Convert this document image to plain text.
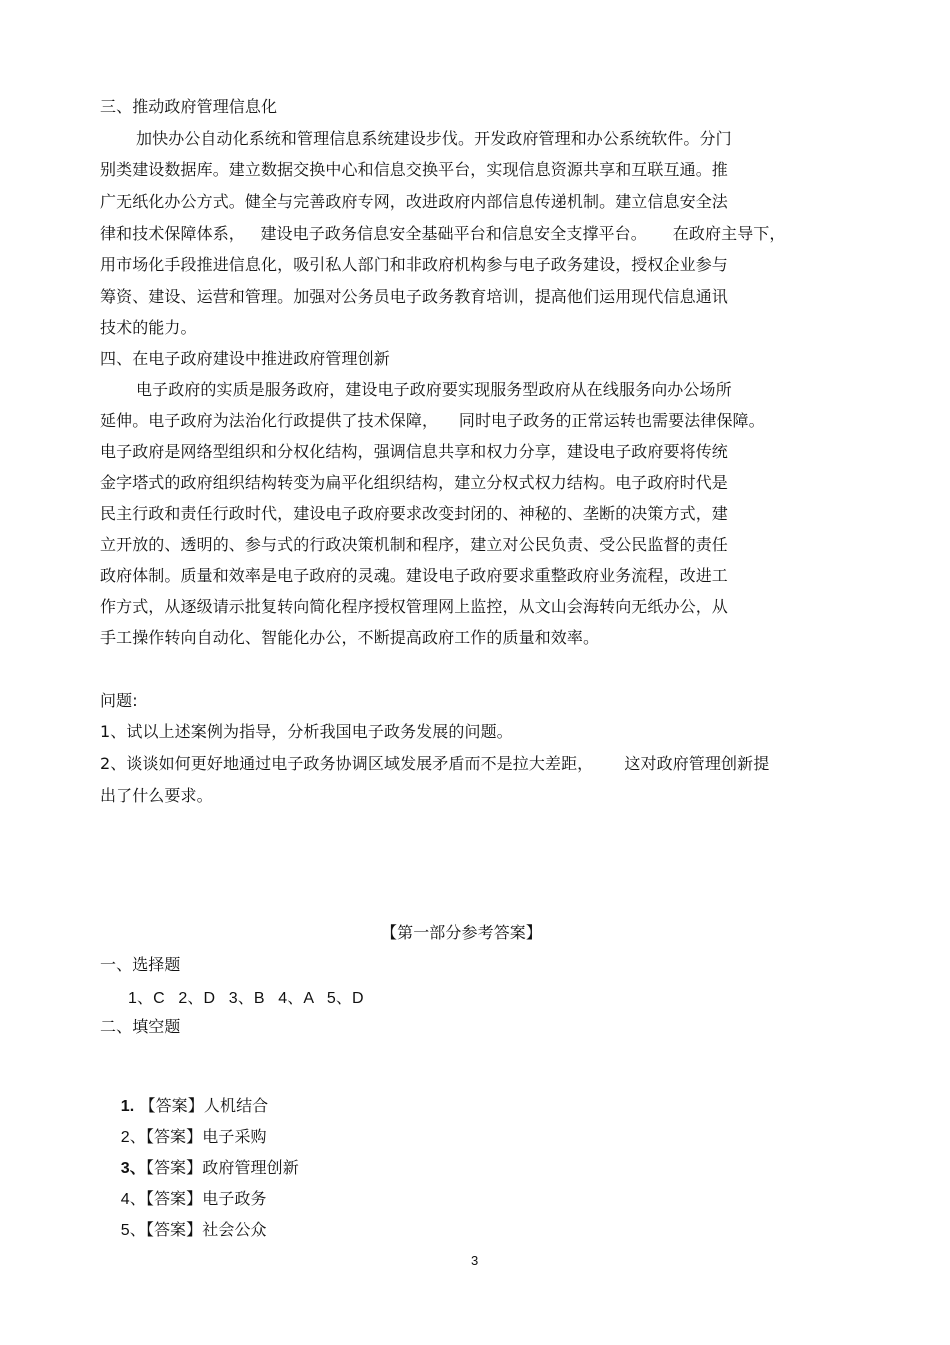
三、推动政府管理信息化
加快办公自动化系统和管理信息系统建设步伐。开发政府管理和办公系统软件。分门
别类建设数据库。建立数据交换中心和信息交换平台，实现信息资源共享和互联互通。推
广无纸化办公方式。健全与完善政府专网，改进政府内部信息传递机制。建立信息安全法
律和技术保障体系，   建设电子政务信息安全基础平台和信息安全支撑平台。     在政府主导下，
用市场化手段推进信息化，吸引私人部门和非政府机构参与电子政务建设，授权企业参与
筹资、建设、运营和管理。加强对公务员电子政务教育培训，提高他们运用现代信息通讯
技术的能力。
四、在电子政府建设中推进政府管理创新
电子政府的实质是服务政府，建设电子政府要实现服务型政府从在线服务向办公场所
延伸。电子政府为法治化行政提供了技术保障，    同时电子政务的正常运转也需要法律保障。
电子政府是网络型组织和分权化结构，强调信息共享和权力分享，建设电子政府要将传统
金字塔式的政府组织结构转变为扁平化组织结构，建立分权式权力结构。电子政府时代是
民主行政和责任行政时代，建设电子政府要求改变封闭的、神秘的、垄断的决策方式，建
立开放的、透明的、参与式的行政决策机制和程序，建立对公民负责、受公民监督的责任
政府体制。质量和效率是电子政府的灵魂。建设电子政府要求重整政府业务流程，改进工
作方式，从逐级请示批复转向简化程序授权管理网上监控，从文山会海转向无纸办公，从
手工操作转向自动化、智能化办公，不断提高政府工作的质量和效率。
问题:
1、试以上述案例为指导，分析我国电子政务发展的问题。
2、谈谈如何更好地通过电子政务协调区域发展矛盾而不是拉大差距，      这对政府管理创新提
出了什么要求。
【第一部分参考答案】
一、选择题
1、C   2、D   3、B   4、A   5、D
二、填空题

1. 【答案】人机结合

2、【答案】电子采购

3、【答案】政府管理创新

4、【答案】电子政务

5、【答案】社会公众

3
